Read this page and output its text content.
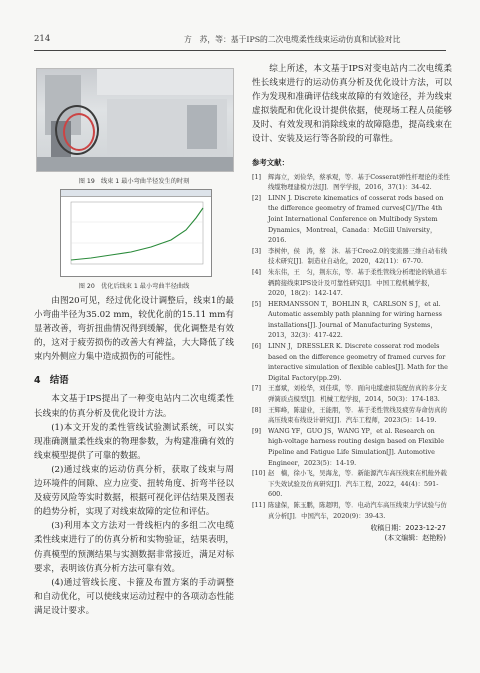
214	方　苏，等：基于IPS的二次电缆柔性线束运动仿真和试验对比
图 19　线束 1 最小弯曲半径发生的时刻
图 20　优化后线束 1 最小弯曲半径曲线

由图20可见，经过优化设计调整后，线束1的最小弯曲半径为35.02 mm，较优化前的15.11 mm有显著改善，弯折扭曲情况得到缓解，优化调整是有效的，这对于疲劳损伤的改善大有裨益，大大降低了线束内外侧应力集中造成损伤的可能性。

4　结语

本文基于IPS提出了一种变电站内二次电缆柔性长线束的仿真分析及优化设计方法。

(1)本文开发的柔性管线试验测试系统，可以实现准确测量柔性线束的物理参数，为构建准确有效的线束模型提供了可靠的数据。

(2)通过线束的运动仿真分析，获取了线束与周边环境件的间隙、应力应变、扭转角度、折弯半径以及疲劳风险等实时数据，根据可视化评估结果及图表的趋势分析，实现了对线束故障的定位和评估。

(3)利用本文方法对一骨线柜内的多组二次电缆柔性线束进行了的仿真分析和实物验证，结果表明，仿真模型的预测结果与实测数据非常接近，满足对标要求，表明该仿真分析方法可靠有效。

(4)通过管线长度、卡箍及布置方案的手动调整和自动优化，可以使线束运动过程中的各项动态性能满足设计要求。

综上所述，本文基于IPS对变电站内二次电缆柔性长线束进行的运动仿真分析及优化设计方法，可以作为发现和准确评估线束故障的有效途径，并为线束虚拟装配和优化设计提供依据，使现场工程人员能够及时、有效发现和消除线束的故障隐患，提高线束在设计、安装及运行等各阶段的可靠性。

参考文献：
[1]	辉海立，刘俭华，蔡承观，等．基于Cosserat弹性杆理论的柔性线缆物理建模方法[J]．图学学报，2016，37(1)：34-42.
[2]	LINN J. Discrete kinematics of cosserat rods based on the difference geometry of framed curves[C]//The 4th Joint International Conference on Multibody System Dynamics，Montreal，Canada：McGill University，2016.
[3]	李树仲，侯　涛，蔡　沐．基于Creo2.0的变流器三维自动布线技术研究[J]．制造业自动化，2020，42(11)：67-70.
[4]	朱东伟，王　匀，荆东东，等．基于柔性管线分析理论的轨道车辆跨接线束IPS设计及可靠性研究[J]．中国工程机械学报，2020，18(2)：142-147.
[5]	HERMANSSON T，BOHLIN R，CARLSON S J，et al. Automatic assembly path planning for wiring harness installations[J]. Journal of Manufacturing Systems，2013，32(3)：417-422.
[6]	LINN J，DRESSLER K. Discrete cosserat rod models based on the difference geometry of framed curves for interactive simulation of flexible cables[J]. Math for the Digital Factory(pp.29).
[7]	王嘉斌，刘检华，刘佳琪，等．面向电缆虚拟装配仿真的多分支弹簧质点模型[J]．机械工程学报，2014，50(3)：174-183.
[8]	王辉峰，陈建业，王能朋，等．基于柔性管线及疲劳寿命仿真的高压线束布线设计研究[J]．汽车工程师，2023(5)：14-19.
[9]	WANG YF，GUO JS，WANG YP，et al. Research on high-voltage harness routing design based on Flexible Pipeline and Fatigue Life Simulation[J]. Automotive Engineer，2023(5)：14-19.
[10] 赵　楠，徐小飞，吴海龙，等．新能源汽车高压线束在机舱外载下失效试验及仿真研究[J]．汽车工程，2022，44(4)：591-600.
[11] 陈建保，陈玉鹏，陈超明，等．电动汽车高压线束力学试验与仿真分析[J]．中国汽车，2020(9)：39-43.
收稿日期：2023-12-27
(本文编辑：赵艳粉)
